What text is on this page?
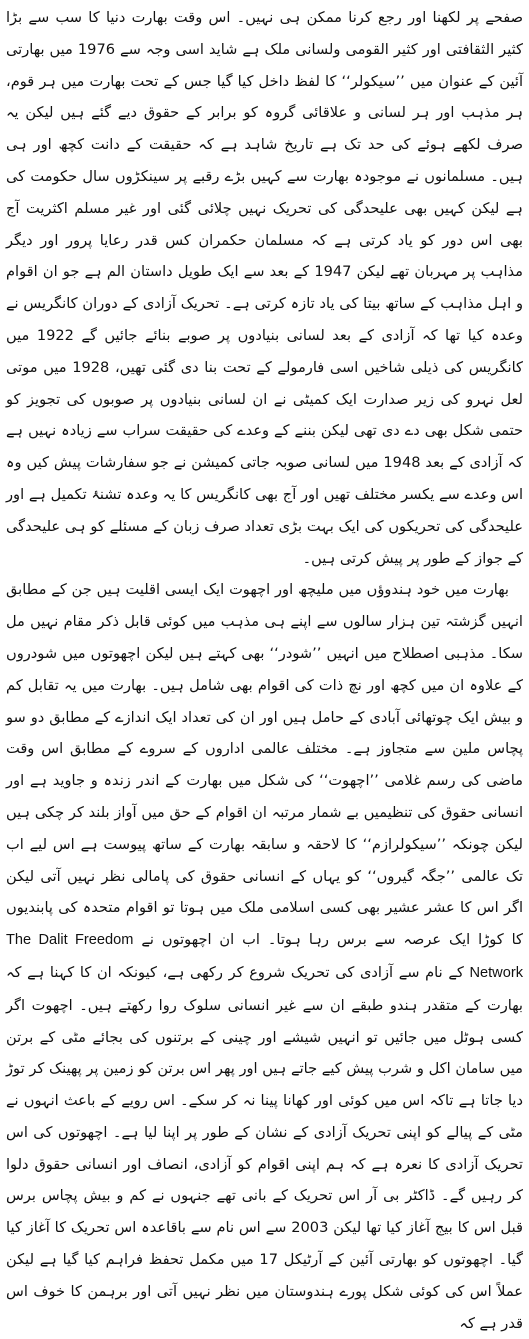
صفحے پر لکھنا اور رجع کرنا ممکن ہی نہیں۔ اس وقت بھارت دنیا کا سب سے بڑا کثیر الثقافتی اور کثیر القومی ولسانی ملک ہے شاید اسی وجہ سے 1976 میں بھارتی آئین کے عنوان میں ’’سیکولر‘‘ کا لفظ داخل کیا گیا جس کے تحت بھارت میں ہر قوم، ہر مذہب اور ہر لسانی و علاقائی گروہ کو برابر کے حقوق دیے گئے ہیں لیکن یہ صرف لکھے ہوئے کی حد تک ہے تاریخ شاہد ہے کہ حقیقت کے دانت کچھ اور ہی ہیں۔ مسلمانوں نے موجودہ بھارت سے کہیں بڑے رقبے پر سینکڑوں سال حکومت کی ہے لیکن کہیں بھی علیحدگی کی تحریک نہیں چلائی گئی اور غیر مسلم اکثریت آج بھی اس دور کو یاد کرتی ہے کہ مسلمان حکمران کس قدر رعایا پرور اور دیگر مذاہب پر مہربان تھے لیکن 1947 کے بعد سے ایک طویل داستان الم ہے جو ان اقوام و اہل مذاہب کے ساتھ بیتا کی یاد تازہ کرتی ہے۔ تحریک آزادی کے دوران کانگریس نے وعدہ کیا تھا کہ آزادی کے بعد لسانی بنیادوں پر صوبے بنائے جائیں گے 1922 میں کانگریس کی ذیلی شاخیں اسی فارمولے کے تحت بنا دی گئی تھیں، 1928 میں موتی لعل نہرو کی زیر صدارت ایک کمیٹی نے ان لسانی بنیادوں پر صوبوں کی تجویز کو حتمی شکل بھی دے دی تھی لیکن بننے کے وعدے کی حقیقت سراب سے زیادہ نہیں ہے کہ آزادی کے بعد 1948 میں لسانی صوبہ جاتی کمیشن نے جو سفارشات پیش کیں وہ اس وعدے سے یکسر مختلف تھیں اور آج بھی کانگریس کا یہ وعدہ تشنۂ تکمیل ہے اور علیحدگی کی تحریکوں کی ایک بہت بڑی تعداد صرف زبان کے مسئلے کو ہی علیحدگی کے جواز کے طور پر پیش کرتی ہیں۔

بھارت میں خود ہندوؤں میں ملیچھ اور اچھوت ایک ایسی اقلیت ہیں جن کے مطابق انہیں گزشتہ تین ہزار سالوں سے اپنے ہی مذہب میں کوئی قابل ذکر مقام نہیں مل سکا۔ مذہبی اصطلاح میں انہیں ’’شودر‘‘ بھی کہتے ہیں لیکن اچھوتوں میں شودروں کے علاوہ ان میں کچھ اور نچ ذات کی اقوام بھی شامل ہیں۔ بھارت میں یہ تقابل کم و بیش ایک چوتھائی آبادی کے حامل ہیں اور ان کی تعداد ایک اندازے کے مطابق دو سو پچاس ملین سے متجاوز ہے۔ مختلف عالمی اداروں کے سروے کے مطابق اس وقت ماضی کی رسم غلامی ’’اچھوت‘‘ کی شکل میں بھارت کے اندر زندہ و جاوید ہے اور انسانی حقوق کی تنظیمیں بے شمار مرتبہ ان اقوام کے حق میں آواز بلند کر چکی ہیں لیکن چونکہ ’’سیکولرازم‘‘ کا لاحقہ و سابقہ بھارت کے ساتھ پیوست ہے اس لیے اب تک عالمی ’’جگہ گیروں‘‘ کو یہاں کے انسانی حقوق کی پامالی نظر نہیں آتی لیکن اگر اس کا عشر عشیر بھی کسی اسلامی ملک میں ہوتا تو اقوام متحدہ کی پابندیوں کا کوڑا ایک عرصہ سے برس رہا ہوتا۔ اب ان اچھوتوں نے The Dalit Freedom Network کے نام سے آزادی کی تحریک شروع کر رکھی ہے، کیونکہ ان کا کہنا ہے کہ بھارت کے متقدر ہندو طبقے ان سے غیر انسانی سلوک روا رکھتے ہیں۔ اچھوت اگر کسی ہوٹل میں جائیں تو انہیں شیشے اور چینی کے برتنوں کی بجائے مٹی کے برتن میں سامان اکل و شرب پیش کیے جاتے ہیں اور پھر اس برتن کو زمین پر پھینک کر توڑ دیا جاتا ہے تاکہ اس میں کوئی اور کھانا پینا نہ کر سکے۔ اس رویے کے باعث انہوں نے مٹی کے پیالے کو اپنی تحریک آزادی کے نشان کے طور پر اپنا لیا ہے۔ اچھوتوں کی اس تحریک آزادی کا نعرہ ہے کہ ہم اپنی اقوام کو آزادی، انصاف اور انسانی حقوق دلوا کر رہیں گے۔ ڈاکٹر بی آر اس تحریک کے بانی تھے جنہوں نے کم و بیش پچاس برس قبل اس کا بیج آغاز کیا تھا لیکن 2003 سے اس نام سے باقاعدہ اس تحریک کا آغاز کیا گیا۔ اچھوتوں کو بھارتی آئین کے آرٹیکل 17 میں مکمل تحفظ فراہم کیا گیا ہے لیکن عملاً اس کی کوئی شکل پورے ہندوستان میں نظر نہیں آتی اور برہمن کا خوف اس قدر ہے کہ
